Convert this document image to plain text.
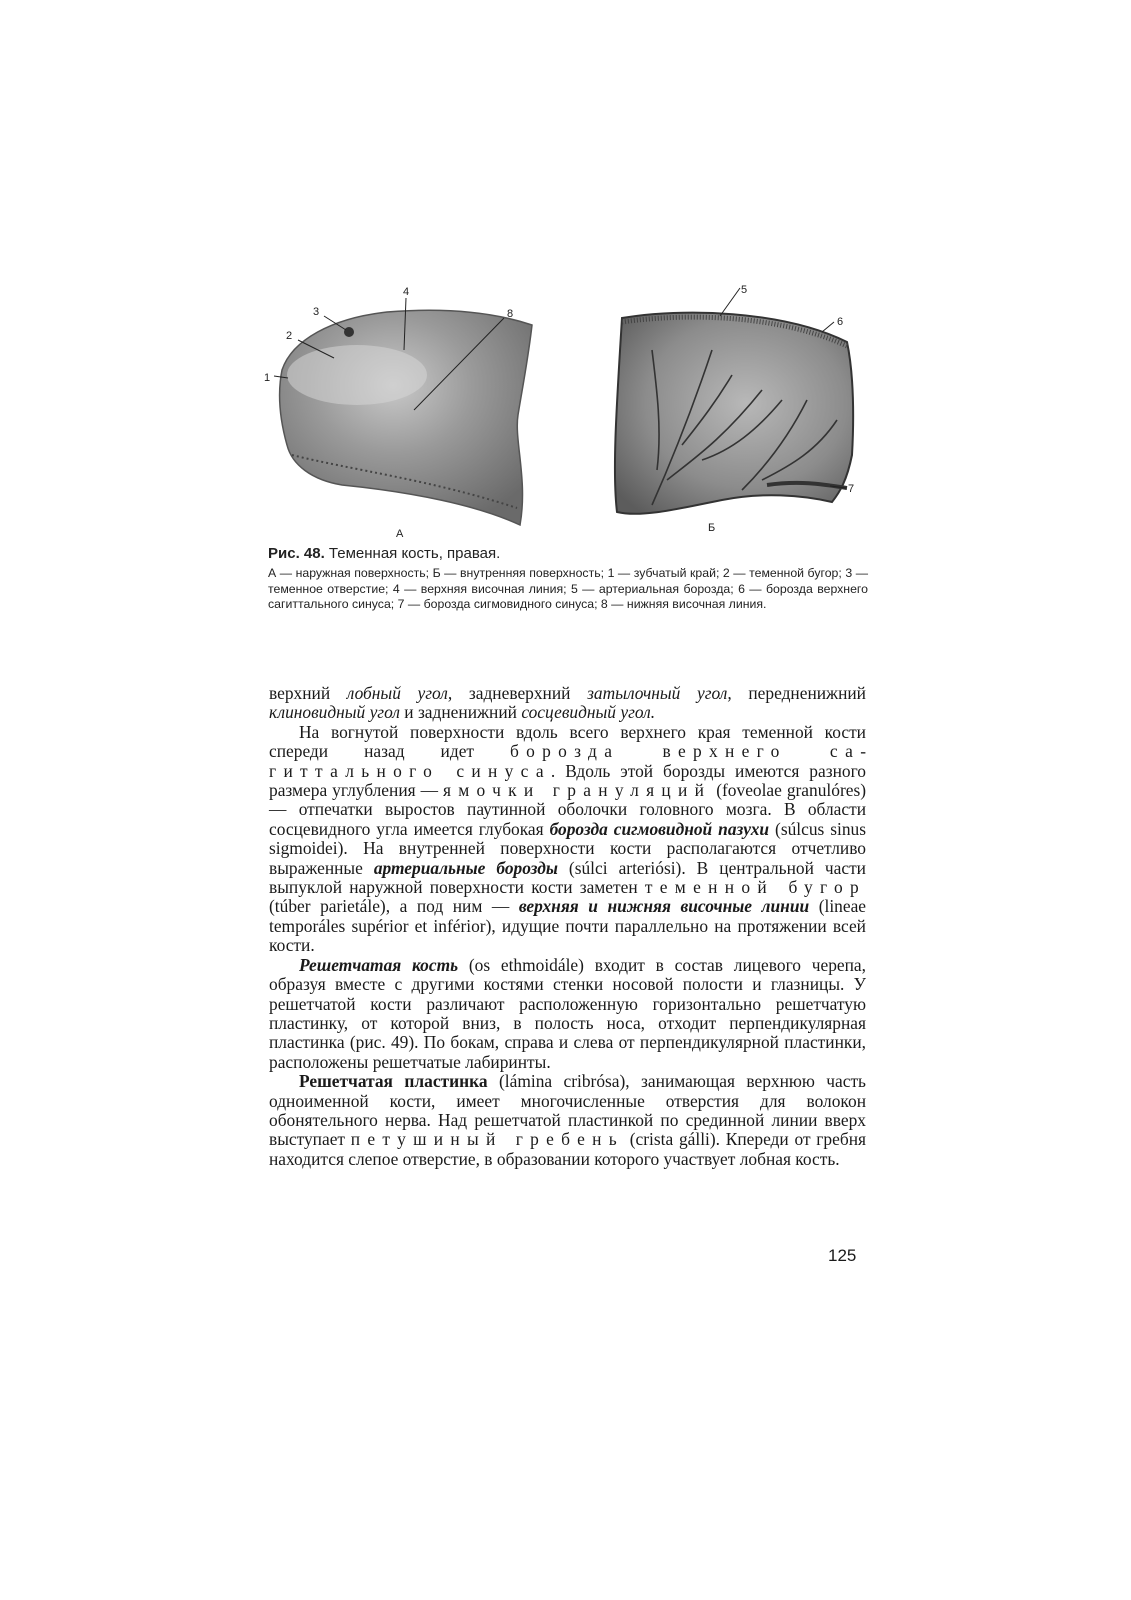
1
2
3
4
8
5
6
7
А	Б

Рис. 48. Теменная кость, правая.

А — наружная поверхность; Б — внутренняя поверхность; 1 — зубчатый край; 2 — теменной бугор; 3 — теменное отверстие; 4 — верхняя височная линия; 5 — артериальная борозда; 6 — борозда верхнего сагиттального синуса; 7 — борозда сигмовидного синуса; 8 — нижняя височная линия.

верхний лобный угол, задневерхний затылочный угол, передненижний клиновидный угол и задненижний сосцевидный угол.

На вогнутой поверхности вдоль всего верхнего края теменной кости спереди назад идет борозда верхнего сагиттального синуса. Вдоль этой борозды имеются разного размера углубления — ямочки грануляций (foveolae granulóres) — отпечатки выростов паутинной оболочки головного мозга. В области сосцевидного угла имеется глубокая борозда сигмовидной пазухи (súlcus sinus sigmoidei). На внутренней поверхности кости располагаются отчетливо выраженные артериальные борозды (súlci arteriósi). В центральной части выпуклой наружной поверхности кости заметен теменной бугор (túber parietále), а под ним — верхняя и нижняя височные линии (lineae temporáles supérior et inférior), идущие почти параллельно на протяжении всей кости.

Решетчатая кость (os ethmoidále) входит в состав лицевого черепа, образуя вместе с другими костями стенки носовой полости и глазницы. У решетчатой кости различают расположенную горизонтально решетчатую пластинку, от которой вниз, в полость носа, отходит перпендикулярная пластинка (рис. 49). По бокам, справа и слева от перпендикулярной пластинки, расположены решетчатые лабиринты.

Решетчатая пластинка (lámina cribrósa), занимающая верхнюю часть одноименной кости, имеет многочисленные отверстия для волокон обонятельного нерва. Над решетчатой пластинкой по срединной линии вверх выступает петушиный гребень (crista gálli). Кпереди от гребня находится слепое отверстие, в образовании которого участвует лобная кость.

125
